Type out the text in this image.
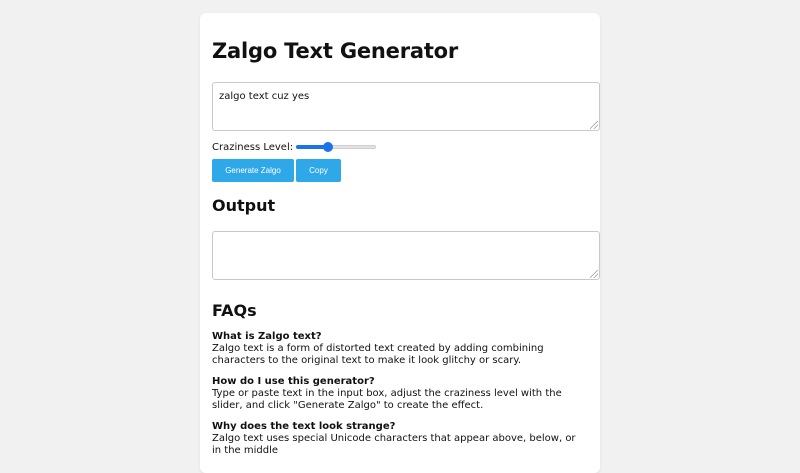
Zalgo Text Generator
zalgo text cuz yes
Craziness Level:
Generate Zalgo	Copy
Output
FAQs
What is Zalgo text?
Zalgo text is a form of distorted text created by adding combining characters to the original text to make it look glitchy or scary.
How do I use this generator?
Type or paste text in the input box, adjust the craziness level with the slider, and click "Generate Zalgo" to create the effect.
Why does the text look strange?
Zalgo text uses special Unicode characters that appear above, below, or in the middle
